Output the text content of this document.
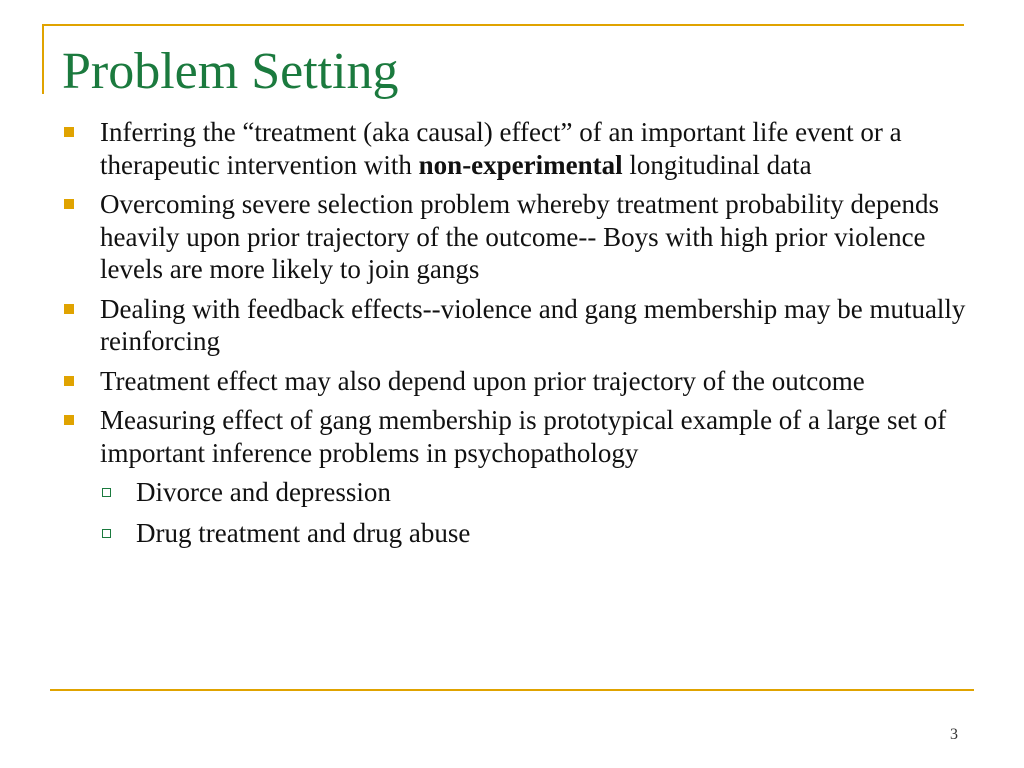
Problem Setting
Inferring the “treatment (aka causal) effect” of an important life event or a therapeutic intervention with non-experimental longitudinal data
Overcoming severe selection problem whereby treatment probability depends heavily upon prior trajectory of the outcome-- Boys with high prior violence levels are more likely to join gangs
Dealing with feedback effects--violence and gang membership may be mutually reinforcing
Treatment effect may also depend upon prior trajectory of the outcome
Measuring effect of gang membership is prototypical example of a large set of important inference problems in psychopathology
Divorce and depression
Drug treatment and drug abuse
3
